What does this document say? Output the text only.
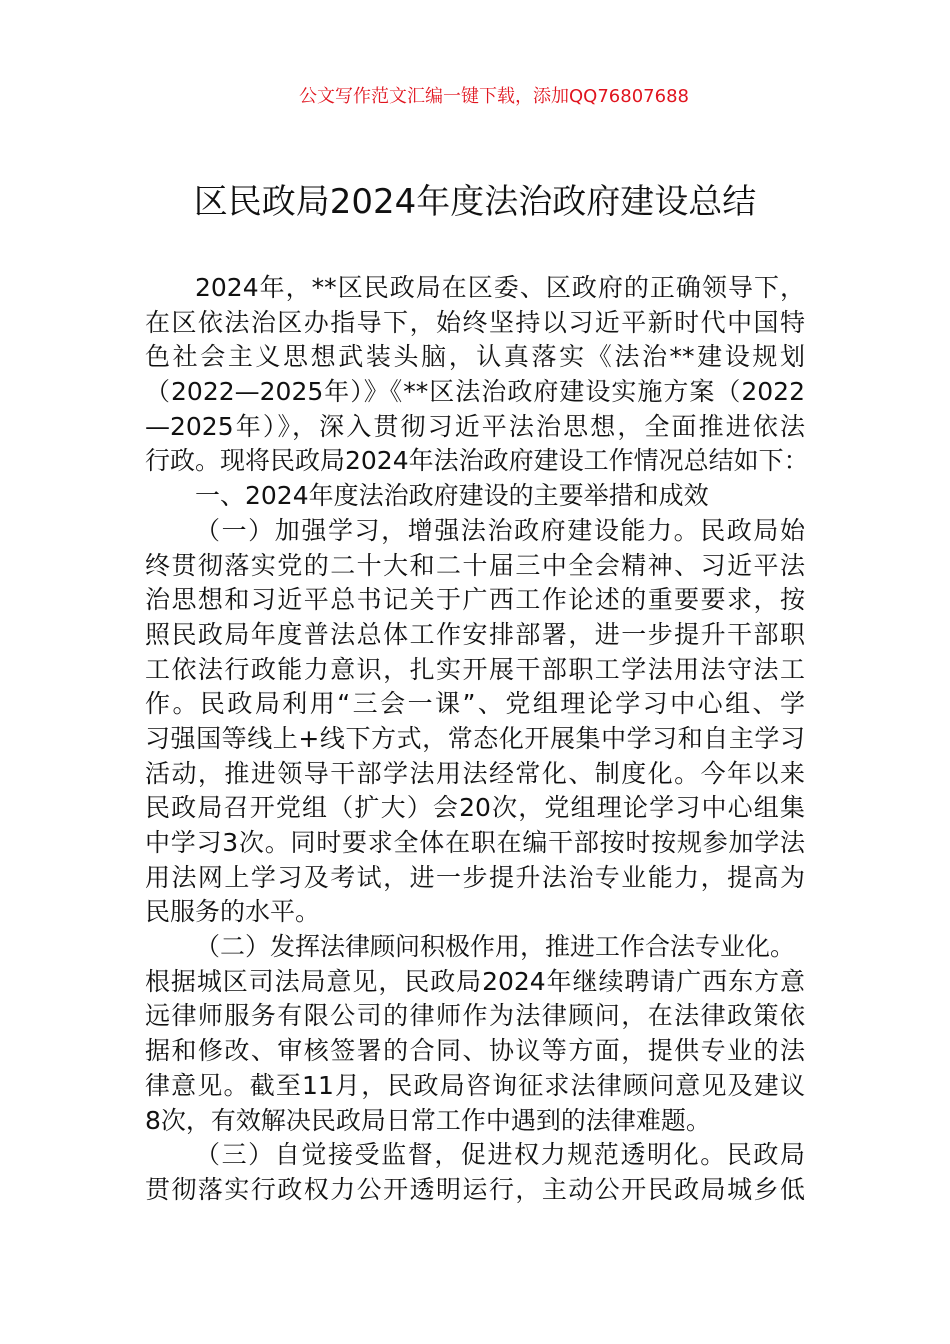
公文写作范文汇编一键下载，添加QQ76807688
区民政局2024年度法治政府建设总结
2024年，**区民政局在区委、区政府的正确领导下，
在区依法治区办指导下，始终坚持以习近平新时代中国特
色社会主义思想武装头脑，认真落实《法治**建设规划
（2022—2025年）》《**区法治政府建设实施方案（2022
—2025年）》，深入贯彻习近平法治思想，全面推进依法
行政。现将民政局2024年法治政府建设工作情况总结如下：
一、2024年度法治政府建设的主要举措和成效
（一）加强学习，增强法治政府建设能力。民政局始
终贯彻落实党的二十大和二十届三中全会精神、习近平法
治思想和习近平总书记关于广西工作论述的重要要求，按
照民政局年度普法总体工作安排部署，进一步提升干部职
工依法行政能力意识，扎实开展干部职工学法用法守法工
作。民政局利用“三会一课”、党组理论学习中心组、学
习强国等线上+线下方式，常态化开展集中学习和自主学习
活动，推进领导干部学法用法经常化、制度化。今年以来
民政局召开党组（扩大）会20次，党组理论学习中心组集
中学习3次。同时要求全体在职在编干部按时按规参加学法
用法网上学习及考试，进一步提升法治专业能力，提高为
民服务的水平。
（二）发挥法律顾问积极作用，推进工作合法专业化。
根据城区司法局意见，民政局2024年继续聘请广西东方意
远律师服务有限公司的律师作为法律顾问，在法律政策依
据和修改、审核签署的合同、协议等方面，提供专业的法
律意见。截至11月，民政局咨询征求法律顾问意见及建议
8次，有效解决民政局日常工作中遇到的法律难题。
（三）自觉接受监督，促进权力规范透明化。民政局
贯彻落实行政权力公开透明运行，主动公开民政局城乡低
